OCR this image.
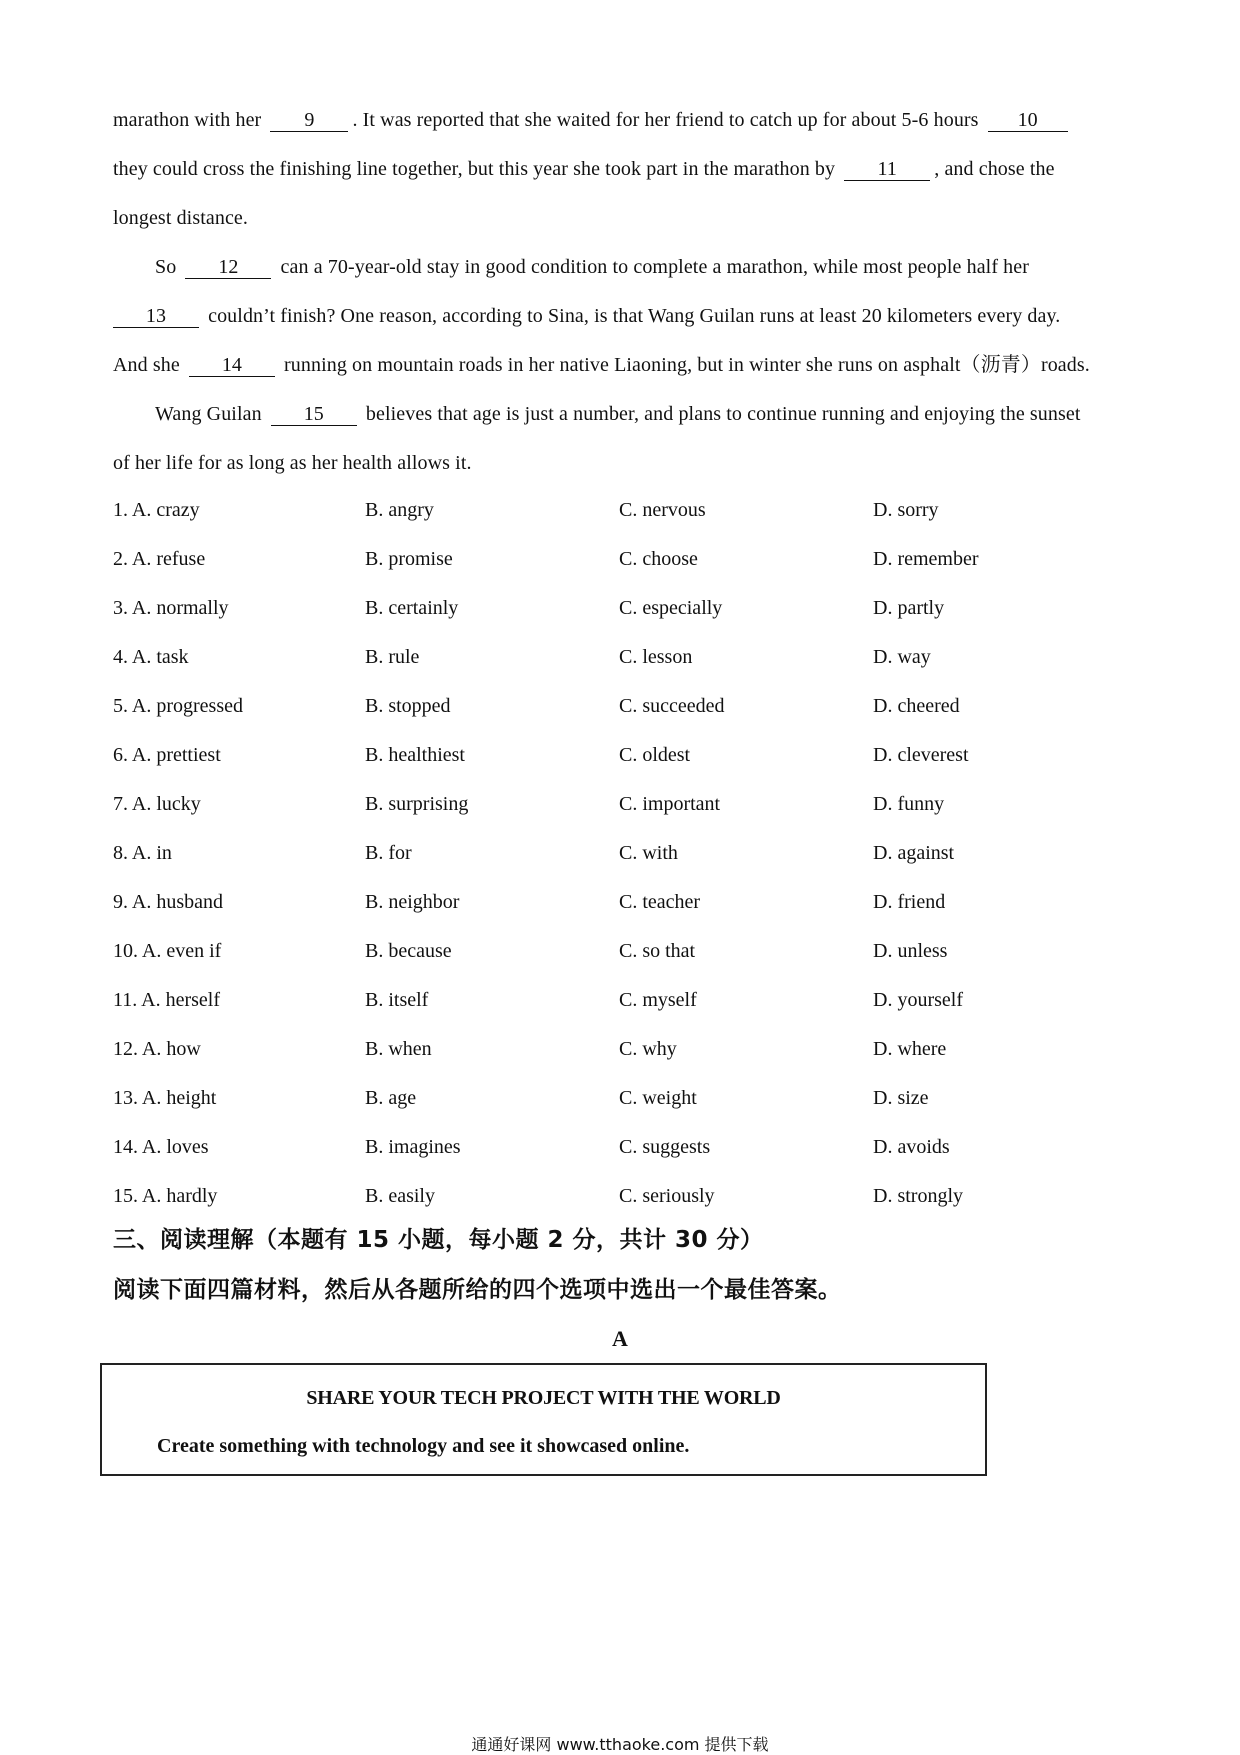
marathon with her 9 . It was reported that she waited for her friend to catch up for about 5-6 hours 10
they could cross the finishing line together, but this year she took part in the marathon by 11 , and chose the
longest distance.
So 12 can a 70-year-old stay in good condition to complete a marathon, while most people half her
13 couldn’t finish? One reason, according to Sina, is that Wang Guilan runs at least 20 kilometers every day.
And she 14 running on mountain roads in her native Liaoning, but in winter she runs on asphalt（沥青）roads.
Wang Guilan 15 believes that age is just a number, and plans to continue running and enjoying the sunset
of her life for as long as her health allows it.
1. A. crazy	B. angry	C. nervous	D. sorry
2. A. refuse	B. promise	C. choose	D. remember
3. A. normally	B. certainly	C. especially	D. partly
4. A. task	B. rule	C. lesson	D. way
5. A. progressed	B. stopped	C. succeeded	D. cheered
6. A. prettiest	B. healthiest	C. oldest	D. cleverest
7. A. lucky	B. surprising	C. important	D. funny
8. A. in	B. for	C. with	D. against
9. A. husband	B. neighbor	C. teacher	D. friend
10. A. even if	B. because	C. so that	D. unless
11. A. herself	B. itself	C. myself	D. yourself
12. A. how	B. when	C. why	D. where
13. A. height	B. age	C. weight	D. size
14. A. loves	B. imagines	C. suggests	D. avoids
15. A. hardly	B. easily	C. seriously	D. strongly
三、阅读理解（本题有 15 小题，每小题 2 分，共计 30 分）
阅读下面四篇材料，然后从各题所给的四个选项中选出一个最佳答案。
A
SHARE YOUR TECH PROJECT WITH THE WORLD
Create something with technology and see it showcased online.
通通好课网 www.tthaoke.com 提供下载
